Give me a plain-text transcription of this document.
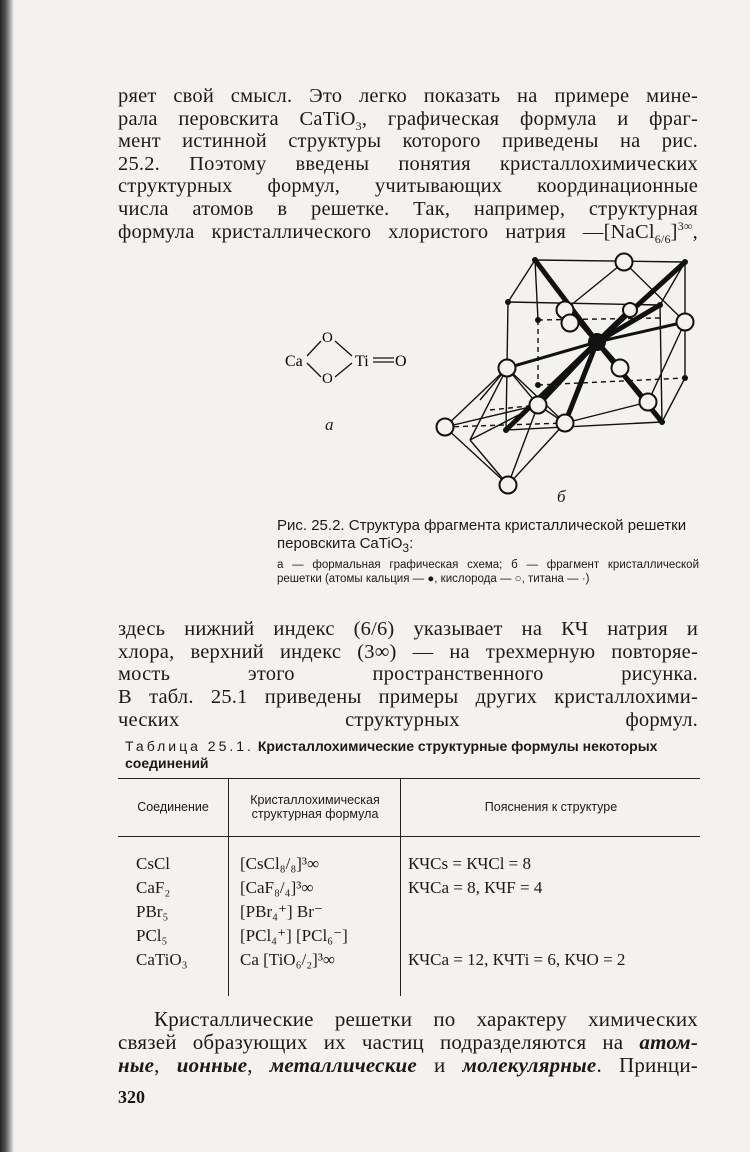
ряет свой смысл. Это легко показать на примере мине-
рала перовскита CaTiO$_3$, графическая формула и фраг-
мент истинной структуры которого приведены на рис.
25.2. Поэтому введены понятия кристаллохимических
структурных формул, учитывающих координационные
числа атомов в решетке. Так, например, структурная
формула кристаллического хлористого натрия —[NaCl$_{6/6}$]$^{3\infty}$,
Ca
O
O
Ti O
а
б
Рис. 25.2. Структура фрагмента кристаллической решетки перовскита CaTiO$_3$:
а — формальная графическая схема; б — фрагмент кристаллической решетки (атомы кальция — ●, кислорода — ○, титана — ·)
здесь нижний индекс (6/6) указывает на КЧ натрия и
хлора, верхний индекс (3∞) — на трехмерную повторяе-
мость этого пространственного рисунка.
В табл. 25.1 приведены примеры других кристаллохими-
ческих структурных формул.
Таблица 25.1. Кристаллохимические структурные формулы некоторых соединений
Соединение	Кристаллохимическая структурная формула	Пояснения к структуре
CsCl
CaF₂
PBr₅
PCl₅
CaTiO₃
[CsCl₈/₈]³∞
[CaF₈/₄]³∞
[PBr₄⁺] Br⁻
[PCl₄⁺] [PCl₆⁻]
Ca [TiO₆/₂]³∞
КЧCs = КЧCl = 8
КЧCa = 8, КЧF = 4
КЧCa = 12, КЧTi = 6, КЧO = 2
Кристаллические решетки по характеру химических
связей образующих их частиц подразделяются на атом-
ные, ионные, металлические и молекулярные. Принци-
320
